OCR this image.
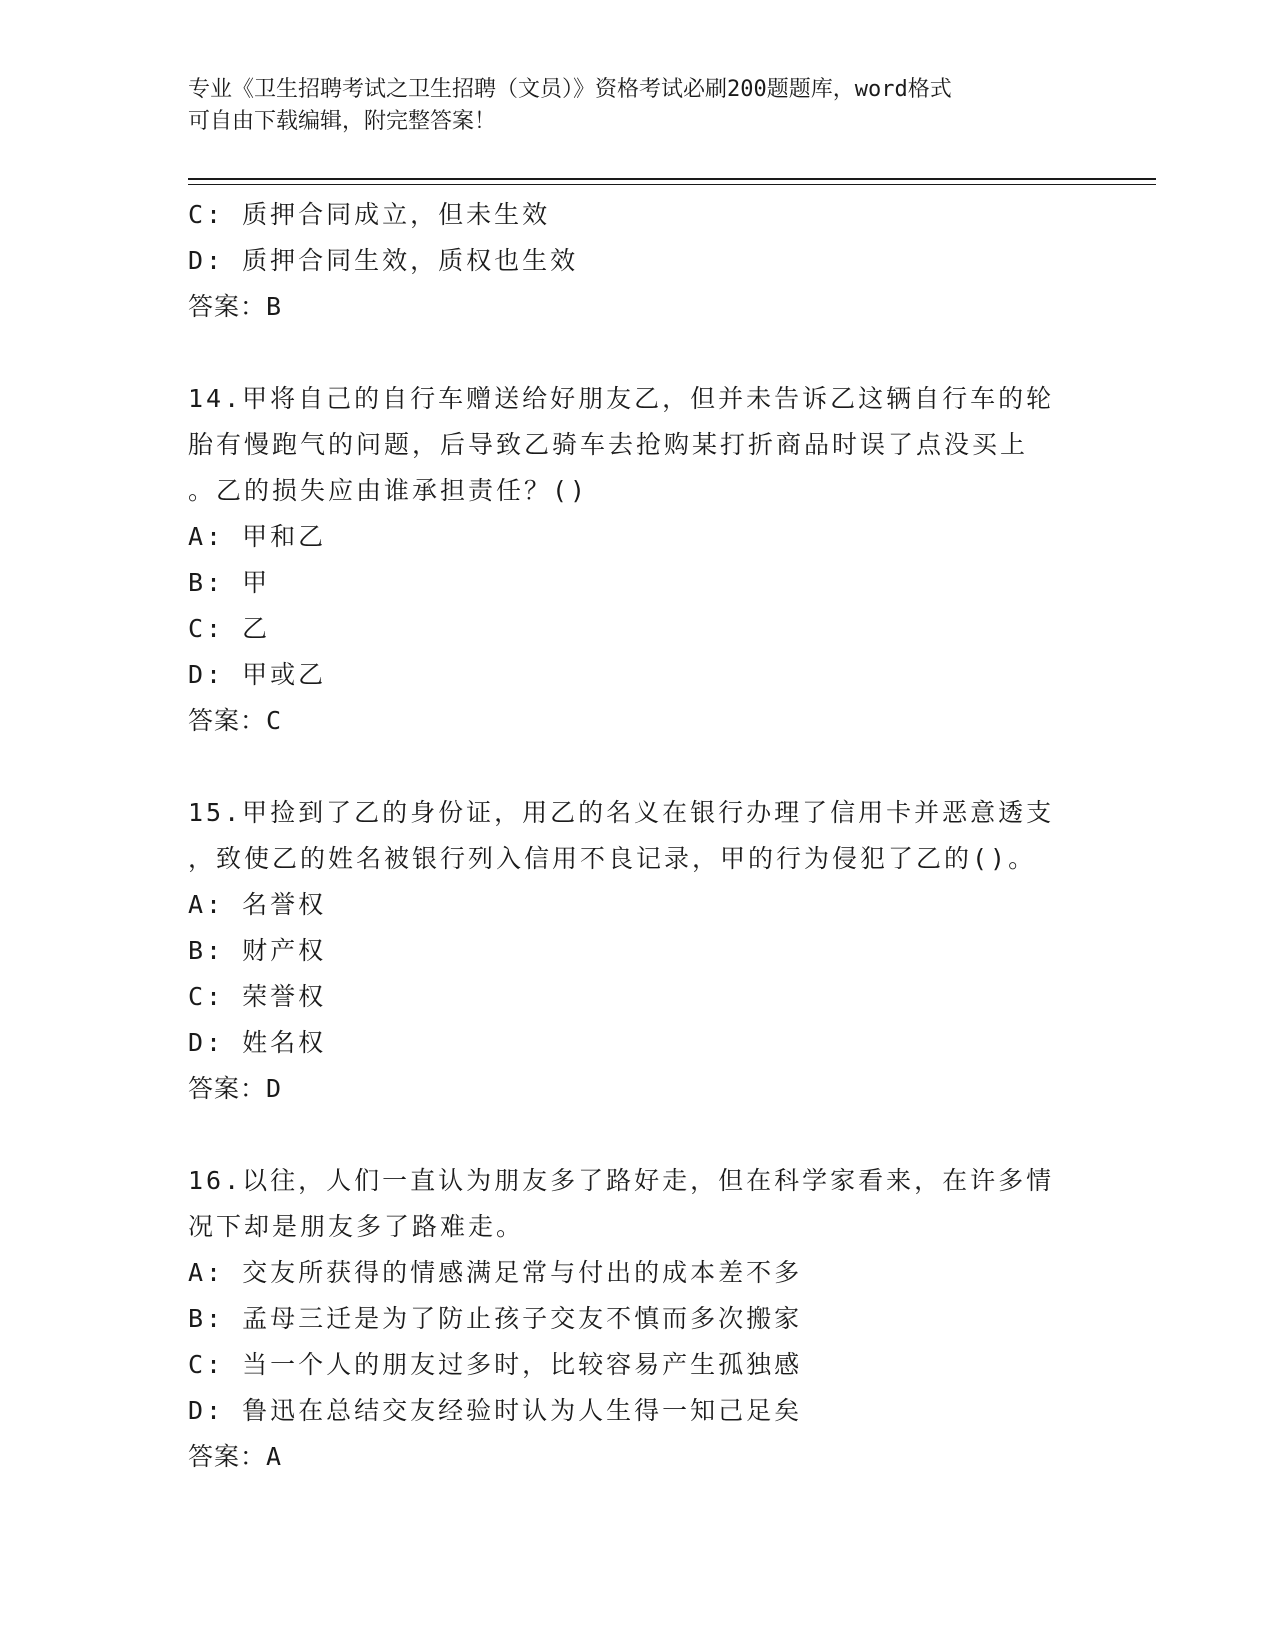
专业《卫生招聘考试之卫生招聘（文员）》资格考试必刷200题题库，word格式
可自由下载编辑，附完整答案！
C: 质押合同成立，但未生效
D: 质押合同生效，质权也生效
答案：B
14.甲将自己的自行车赠送给好朋友乙，但并未告诉乙这辆自行车的轮
胎有慢跑气的问题，后导致乙骑车去抢购某打折商品时误了点没买上
。乙的损失应由谁承担责任？()
A: 甲和乙
B: 甲
C: 乙
D: 甲或乙
答案：C
15.甲捡到了乙的身份证，用乙的名义在银行办理了信用卡并恶意透支
，致使乙的姓名被银行列入信用不良记录，甲的行为侵犯了乙的()。
A: 名誉权
B: 财产权
C: 荣誉权
D: 姓名权
答案：D
16.以往，人们一直认为朋友多了路好走，但在科学家看来，在许多情
况下却是朋友多了路难走。
A: 交友所获得的情感满足常与付出的成本差不多
B: 孟母三迁是为了防止孩子交友不慎而多次搬家
C: 当一个人的朋友过多时，比较容易产生孤独感
D: 鲁迅在总结交友经验时认为人生得一知己足矣
答案：A
